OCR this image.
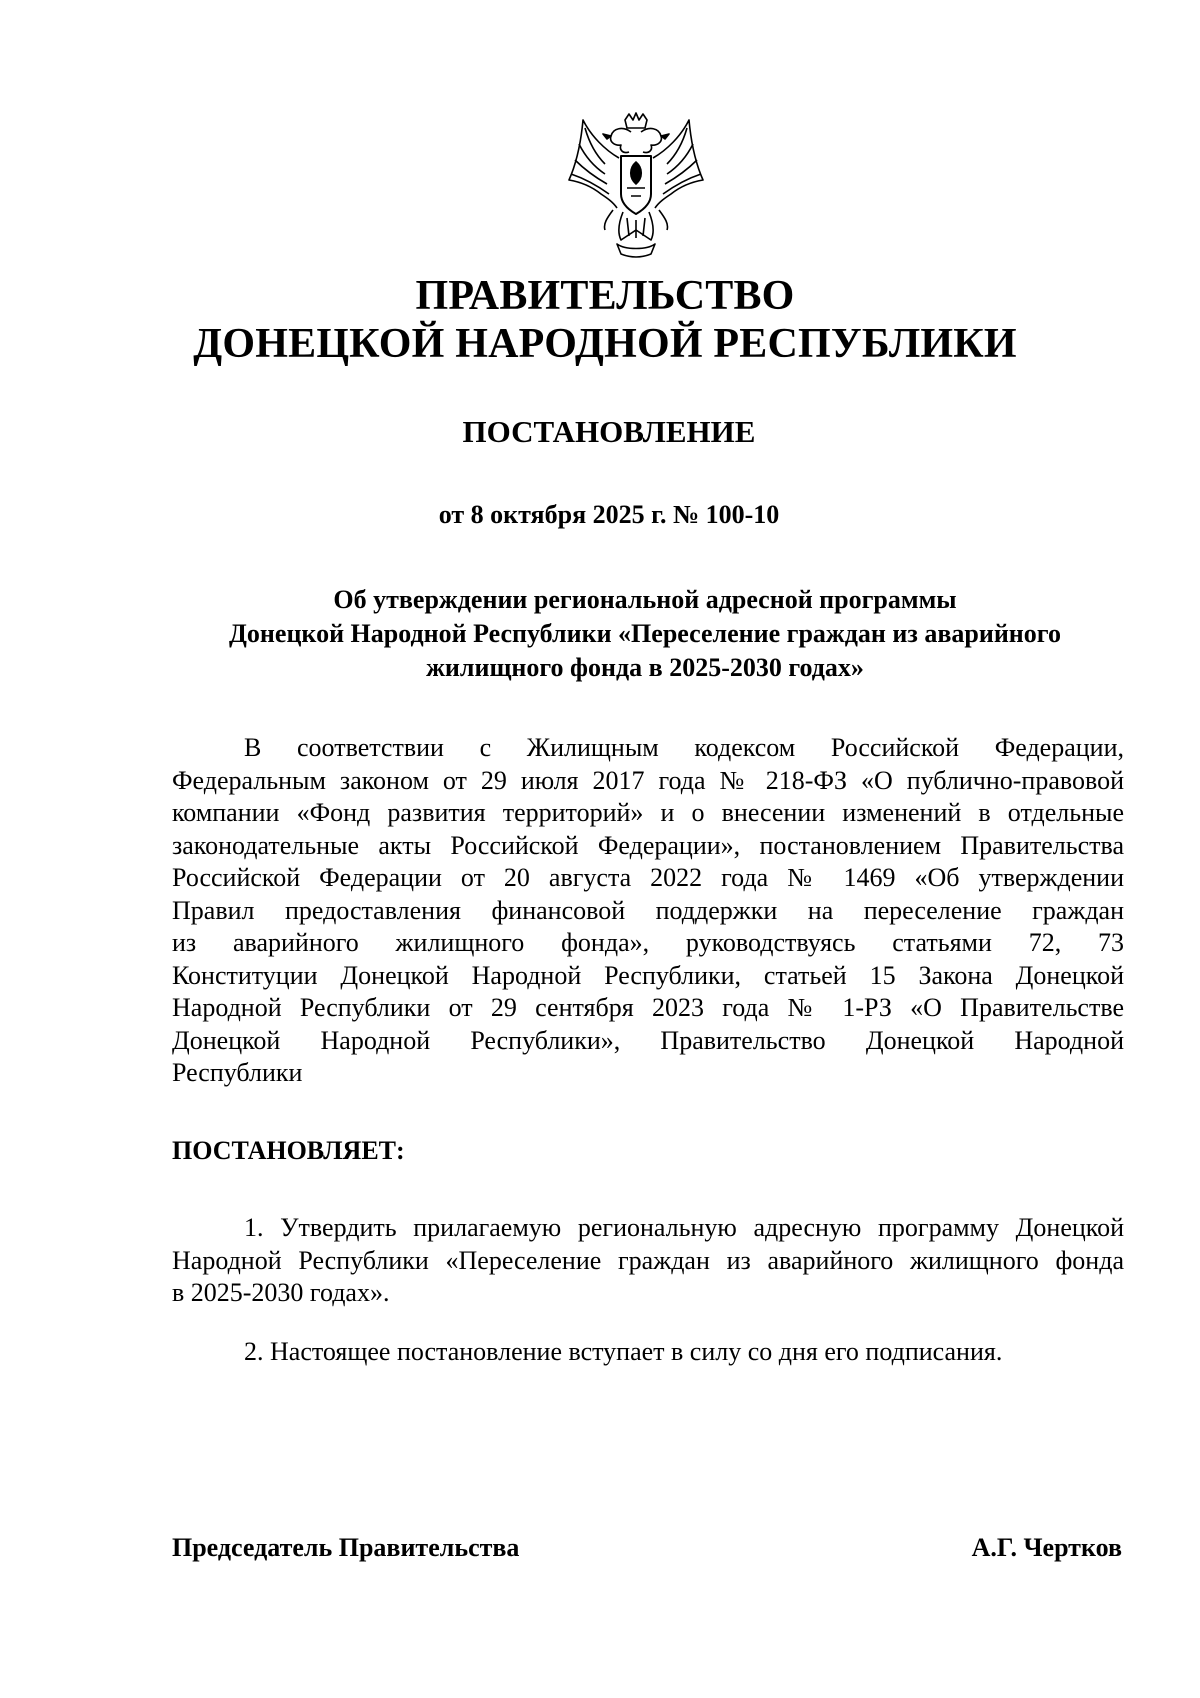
ПРАВИТЕЛЬСТВО
ДОНЕЦКОЙ НАРОДНОЙ РЕСПУБЛИКИ
ПОСТАНОВЛЕНИЕ
от 8 октября 2025 г. № 100-10
Об утверждении региональной адресной программы
Донецкой Народной Республики «Переселение граждан из аварийного
жилищного фонда в 2025-2030 годах»
В соответствии с Жилищным кодексом Российской Федерации,
Федеральным законом от 29 июля 2017 года № 218-ФЗ «О публично-правовой
компании «Фонд развития территорий» и о внесении изменений в отдельные
законодательные акты Российской Федерации», постановлением Правительства
Российской Федерации от 20 августа 2022 года № 1469 «Об утверждении
Правил предоставления финансовой поддержки на переселение граждан
из аварийного жилищного фонда», руководствуясь статьями 72, 73
Конституции Донецкой Народной Республики, статьей 15 Закона Донецкой
Народной Республики от 29 сентября 2023 года № 1-РЗ «О Правительстве
Донецкой Народной Республики», Правительство Донецкой Народной
Республики
ПОСТАНОВЛЯЕТ:
1. Утвердить прилагаемую региональную адресную программу Донецкой
Народной Республики «Переселение граждан из аварийного жилищного фонда
в 2025-2030 годах».
2. Настоящее постановление вступает в силу со дня его подписания.
Председатель Правительства	А.Г. Чертков
